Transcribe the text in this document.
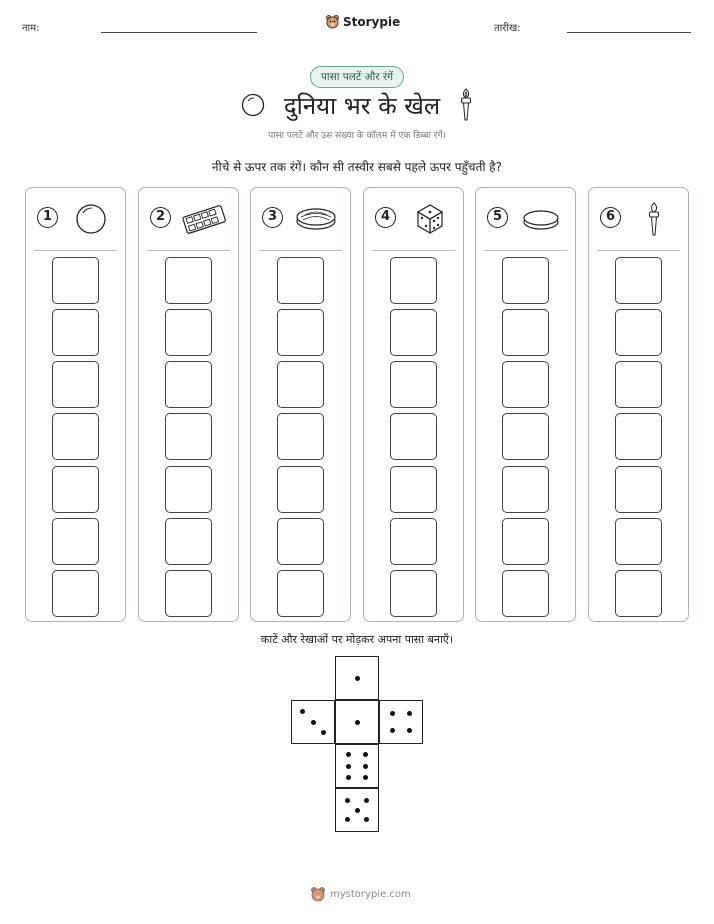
नाम:	Storypie	तारीख:
पासा पलटें और रंगें
दुनिया भर के खेल
पासा पलटें और उस संख्या के कॉलम में एक डिब्बा रंगें।
नीचे से ऊपर तक रंगें। कौन सी तस्वीर सबसे पहले ऊपर पहुँचती है?
1	2	3	4	5	6
काटें और रेखाओं पर मोड़कर अपना पासा बनाएँ।
mystorypie.com
